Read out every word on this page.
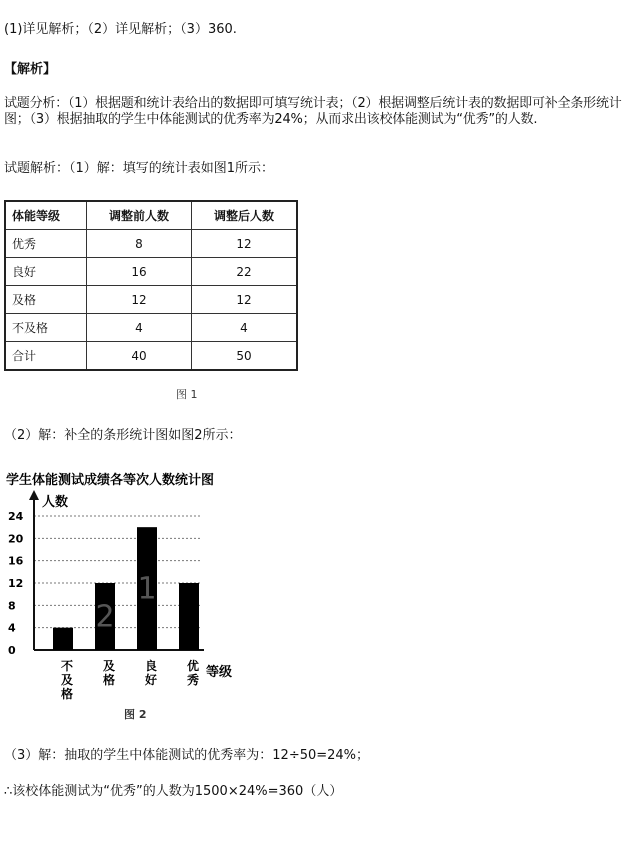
(1)详见解析；（2）详见解析；（3）360.
【解析】
试题分析：（1）根据题和统计表给出的数据即可填写统计表；（2）根据调整后统计表的数据即可补全条形统计图；（3）根据抽取的学生中体能测试的优秀率为24%；从而求出该校体能测试为“优秀”的人数.
试题解析：（1）解：填写的统计表如图1所示：
体能等级	调整前人数	调整后人数
优秀	8	12
良好	16	22
及格	12	12
不及格	4	4
合计	40	50
图 1
（2）解：补全的条形统计图如图2所示：
学生体能测试成绩各等次人数统计图
人数
0
4
8
12
16
20
24
2
1
不及格
及格
良好
优秀 等级
图 2
（3）解：抽取的学生中体能测试的优秀率为：12÷50=24%；
∴该校体能测试为“优秀”的人数为1500×24%=360（人）
